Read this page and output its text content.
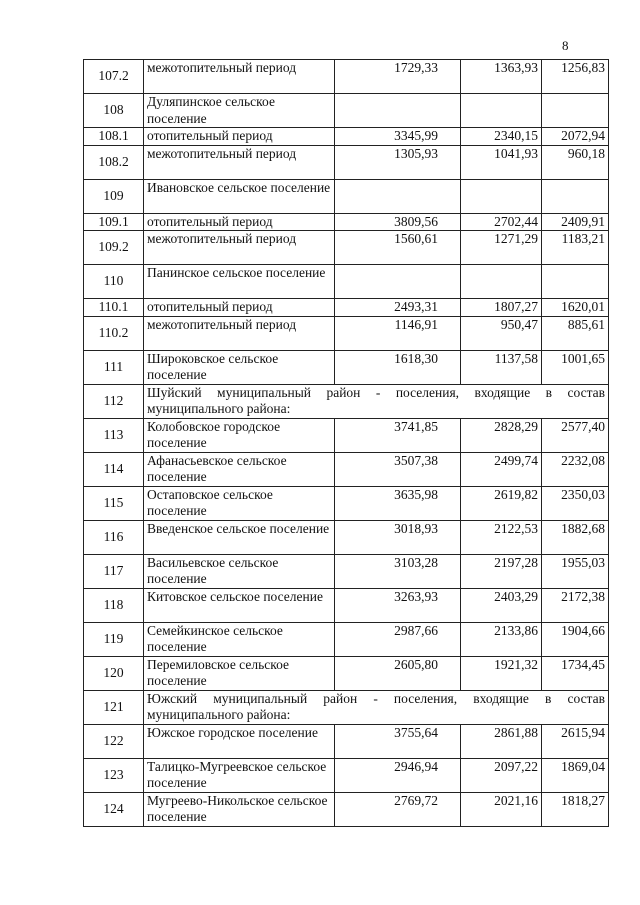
8
107.2	межотопительный период	1729,33	1363,93	1256,83
108	Дуляпинское сельское поселение			
108.1	отопительный период	3345,99	2340,15	2072,94
108.2	межотопительный период	1305,93	1041,93	960,18
109	Ивановское сельское поселение			
109.1	отопительный период	3809,56	2702,44	2409,91
109.2	межотопительный период	1560,61	1271,29	1183,21
110	Панинское сельское поселение			
110.1	отопительный период	2493,31	1807,27	1620,01
110.2	межотопительный период	1146,91	950,47	885,61
111	Широковское сельское поселение	1618,30	1137,58	1001,65
112	Шуйский муниципальный район - поселения, входящие в состав муниципального района:			
113	Колобовское городское поселение	3741,85	2828,29	2577,40
114	Афанасьевское сельское поселение	3507,38	2499,74	2232,08
115	Остаповское сельское поселение	3635,98	2619,82	2350,03
116	Введенское сельское поселение	3018,93	2122,53	1882,68
117	Васильевское сельское поселение	3103,28	2197,28	1955,03
118	Китовское сельское поселение	3263,93	2403,29	2172,38
119	Семейкинское сельское поселение	2987,66	2133,86	1904,66
120	Перемиловское сельское поселение	2605,80	1921,32	1734,45
121	Южский муниципальный район - поселения, входящие в состав муниципального района:			
122	Южское городское поселение	3755,64	2861,88	2615,94
123	Талицко-Мугреевское сельское поселение	2946,94	2097,22	1869,04
124	Мугреево-Никольское сельское поселение	2769,72	2021,16	1818,27
